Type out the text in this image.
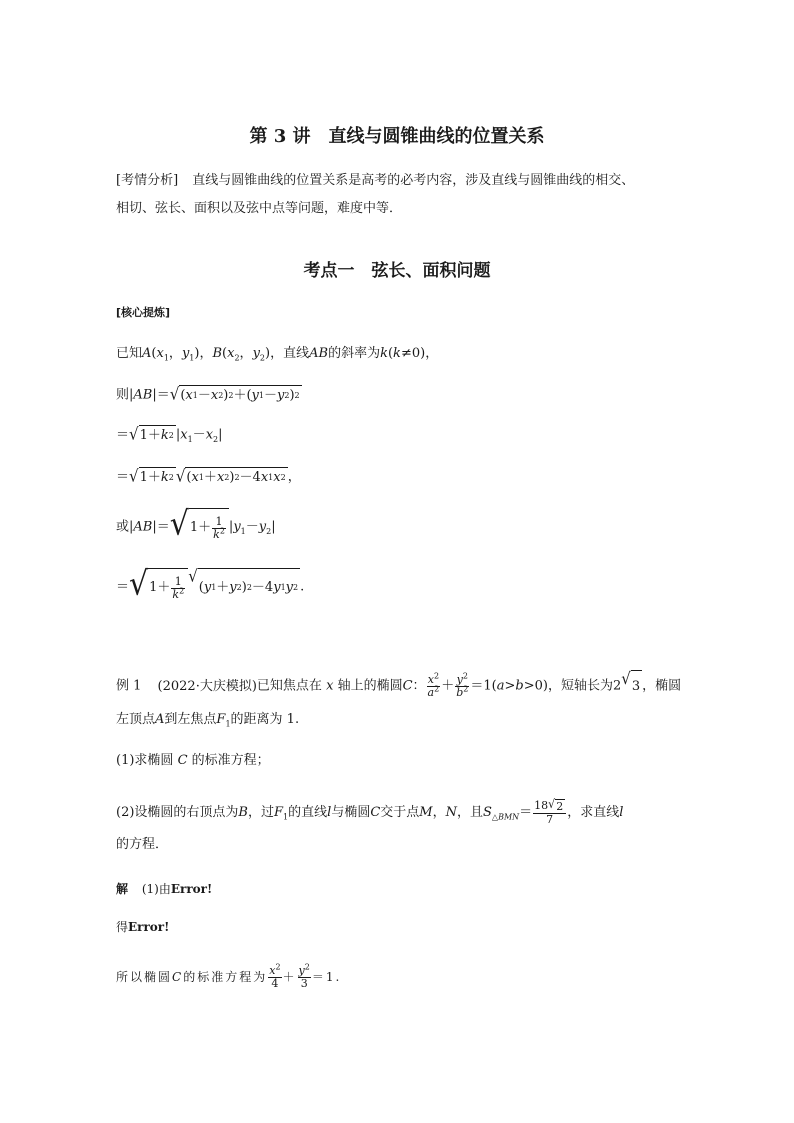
第 3 讲　直线与圆锥曲线的位置关系
[考情分析] 直线与圆锥曲线的位置关系是高考的必考内容，涉及直线与圆锥曲线的相交、
相切、弦长、面积以及弦中点等问题，难度中等．
考点一　弦长、面积问题
[核心提炼]
已知$A(x_1$，$y_1$)，$B(x_2$，$y_2$)，直线AB的斜率为k(k≠0)，
则|AB|＝ √ ( x 1 － x 2 ) 2 ＋( y 1 － y 2 ) 2
＝ √ 1＋ k 2 $|x_1-x_2|$
＝ √ 1＋ k 2 √ ( x 1 ＋ x 2 ) 2 －4 x 1 x 2 ，
或|AB|＝ √ $1+ \frac{1}{k^2} |y_1-y_2|$
＝ √ $1+ \frac{1}{k^2}$ √
( y 1 ＋ y 2 ) 2 －4 y 1 y 2 .
例 1 (2022·大庆模拟)已知焦点在 x 轴上的椭圆C： $\frac{x^2}{a^2} + \frac{y^2}{b^2} =1(a>b>0)$，短轴长为2 √ 3 ，椭圆
左顶点A到左焦点$F_1$的距离为 1.
(1)求椭圆 C 的标准方程；
(2)设椭圆的右顶点为B，过$F_1$的直线l与椭圆C交于点M，N，且$S_{\triangle BMN}= \frac{18 √ 2}{7}$ ，求直线l
的方程．
解 (1)由Error!
得Error!
所以椭圆C的标准方程为 $\frac{x^2}{4} + \frac{y^2}{3} =1$.
